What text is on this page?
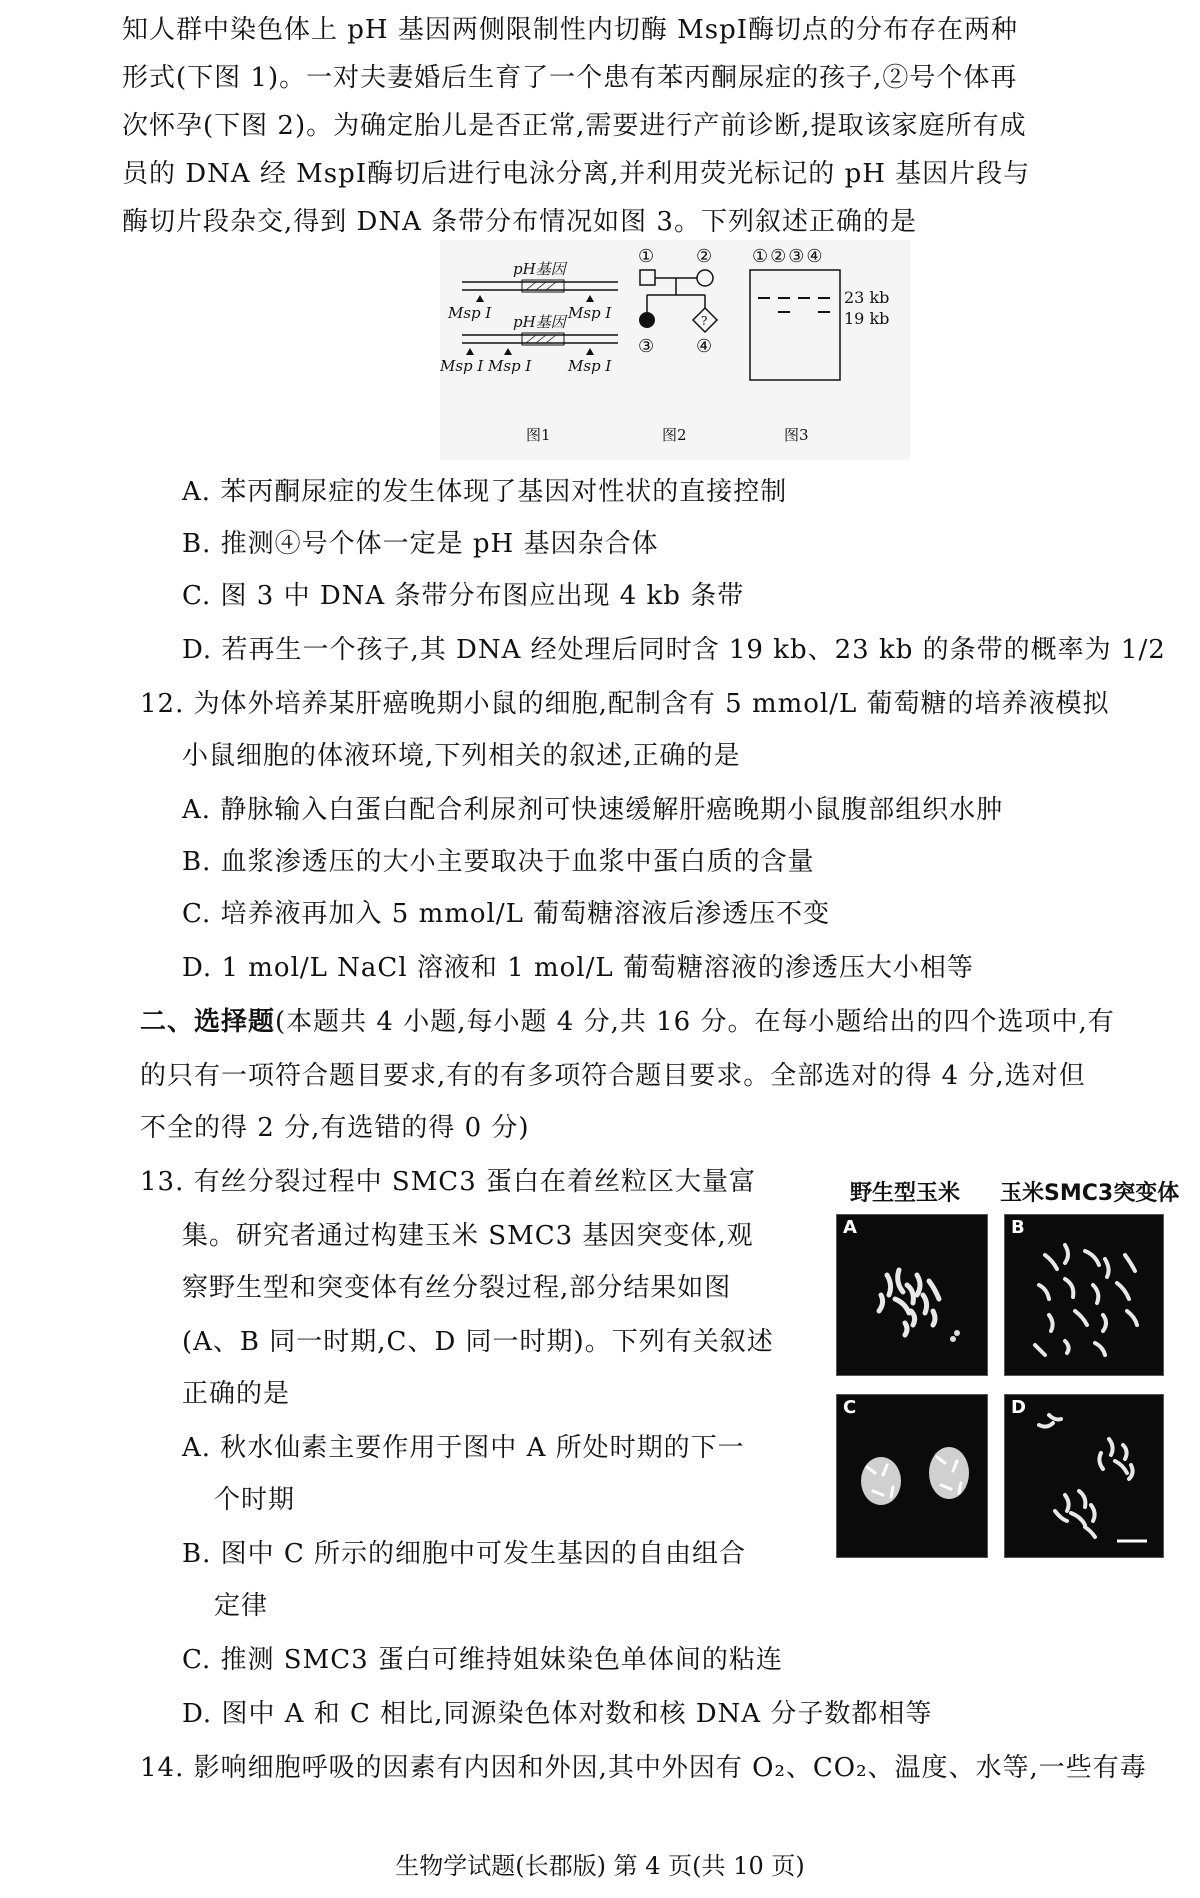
知人群中染色体上 pH 基因两侧限制性内切酶 MspⅠ酶切点的分布存在两种
形式(下图 1)。一对夫妻婚后生育了一个患有苯丙酮尿症的孩子,②号个体再
次怀孕(下图 2)。为确定胎儿是否正常,需要进行产前诊断,提取该家庭所有成
员的 DNA 经 MspⅠ酶切后进行电泳分离,并利用荧光标记的 pH 基因片段与
酶切片段杂交,得到 DNA 条带分布情况如图 3。下列叙述正确的是
pH基因
Msp Ⅰ	Msp Ⅰ
pH基因
Msp Ⅰ Msp Ⅰ Msp Ⅰ
图1
① ②
?
③ ④
图2
①②③④
23 kb
19 kb
图3
A. 苯丙酮尿症的发生体现了基因对性状的直接控制
B. 推测④号个体一定是 pH 基因杂合体
C. 图 3 中 DNA 条带分布图应出现 4 kb 条带
D. 若再生一个孩子,其 DNA 经处理后同时含 19 kb、23 kb 的条带的概率为 1/2
12. 为体外培养某肝癌晚期小鼠的细胞,配制含有 5 mmol/L 葡萄糖的培养液模拟
小鼠细胞的体液环境,下列相关的叙述,正确的是
A. 静脉输入白蛋白配合利尿剂可快速缓解肝癌晚期小鼠腹部组织水肿
B. 血浆渗透压的大小主要取决于血浆中蛋白质的含量
C. 培养液再加入 5 mmol/L 葡萄糖溶液后渗透压不变
D. 1 mol/L NaCl 溶液和 1 mol/L 葡萄糖溶液的渗透压大小相等
二、选择题(本题共 4 小题,每小题 4 分,共 16 分。在每小题给出的四个选项中,有
的只有一项符合题目要求,有的有多项符合题目要求。全部选对的得 4 分,选对但
不全的得 2 分,有选错的得 0 分)
13. 有丝分裂过程中 SMC3 蛋白在着丝粒区大量富
集。研究者通过构建玉米 SMC3 基因突变体,观
察野生型和突变体有丝分裂过程,部分结果如图
(A、B 同一时期,C、D 同一时期)。下列有关叙述
正确的是
A. 秋水仙素主要作用于图中 A 所处时期的下一
个时期
B. 图中 C 所示的细胞中可发生基因的自由组合
定律
C. 推测 SMC3 蛋白可维持姐妹染色单体间的粘连
D. 图中 A 和 C 相比,同源染色体对数和核 DNA 分子数都相等
野生型玉米 玉米SMC3突变体
A	B
C	D
14. 影响细胞呼吸的因素有内因和外因,其中外因有 O₂、CO₂、温度、水等,一些有毒
生物学试题(长郡版) 第 4 页(共 10 页)
